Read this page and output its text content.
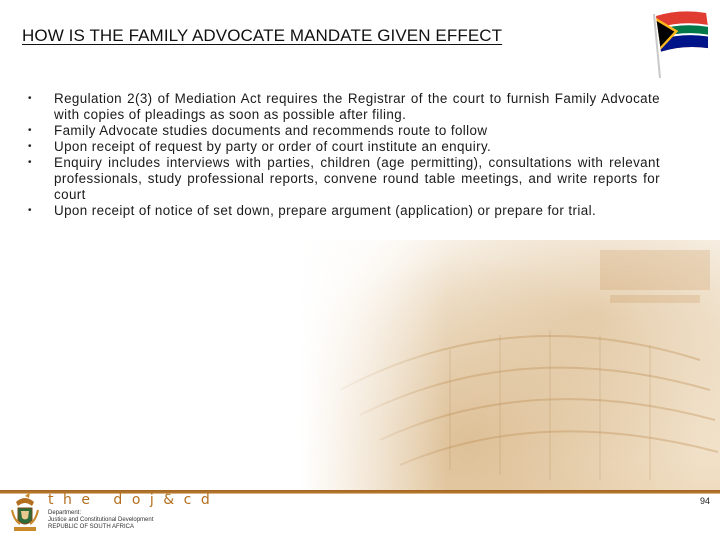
HOW IS THE FAMILY ADVOCATE MANDATE GIVEN EFFECT
• Regulation 2(3) of Mediation Act requires the Registrar of the court to furnish Family Advocate with copies of pleadings as soon as possible after filing.
• Family Advocate studies documents and recommends route to follow
• Upon receipt of request by party or order of court institute an enquiry.
• Enquiry includes interviews with parties, children (age permitting), consultations with relevant professionals, study professional reports, convene round table meetings, and write reports for court
• Upon receipt of notice of set down, prepare argument (application) or prepare for trial.
the doj&cd
Department:
Justice and Constitutional Development
REPUBLIC OF SOUTH AFRICA
94
